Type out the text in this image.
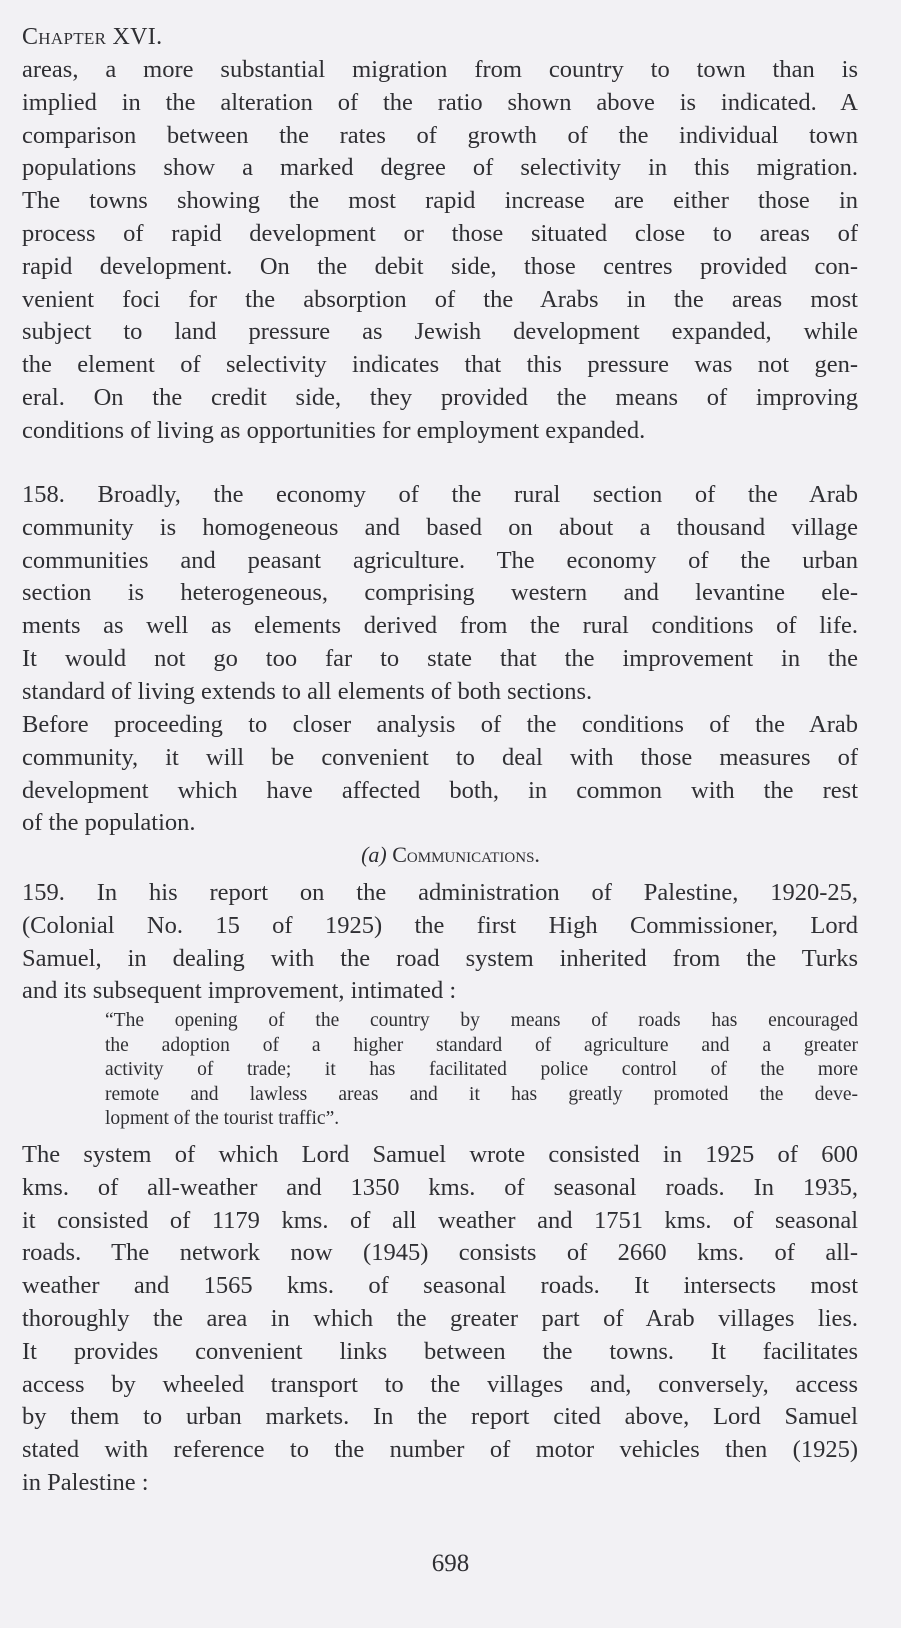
Chapter XVI.
areas, a more substantial migration from country to town than is
implied in the alteration of the ratio shown above is indicated. A
comparison between the rates of growth of the individual town
populations show a marked degree of selectivity in this migration.
The towns showing the most rapid increase are either those in
process of rapid development or those situated close to areas of
rapid development. On the debit side, those centres provided con-
venient foci for the absorption of the Arabs in the areas most
subject to land pressure as Jewish development expanded, while
the element of selectivity indicates that this pressure was not gen-
eral. On the credit side, they provided the means of improving
conditions of living as opportunities for employment expanded.
158. Broadly, the economy of the rural section of the Arab
community is homogeneous and based on about a thousand village
communities and peasant agriculture. The economy of the urban
section is heterogeneous, comprising western and levantine ele-
ments as well as elements derived from the rural conditions of life.
It would not go too far to state that the improvement in the
standard of living extends to all elements of both sections.
Before proceeding to closer analysis of the conditions of the Arab
community, it will be convenient to deal with those measures of
development which have affected both, in common with the rest
of the population.
(a) Communications.
159. In his report on the administration of Palestine, 1920-25,
(Colonial No. 15 of 1925) the first High Commissioner, Lord
Samuel, in dealing with the road system inherited from the Turks
and its subsequent improvement, intimated :
“The opening of the country by means of roads has encouraged
the adoption of a higher standard of agriculture and a greater
activity of trade; it has facilitated police control of the more
remote and lawless areas and it has greatly promoted the deve-
lopment of the tourist traffic”.
The system of which Lord Samuel wrote consisted in 1925 of 600
kms. of all-weather and 1350 kms. of seasonal roads. In 1935,
it consisted of 1179 kms. of all weather and 1751 kms. of seasonal
roads. The network now (1945) consists of 2660 kms. of all-
weather and 1565 kms. of seasonal roads. It intersects most
thoroughly the area in which the greater part of Arab villages lies.
It provides convenient links between the towns. It facilitates
access by wheeled transport to the villages and, conversely, access
by them to urban markets. In the report cited above, Lord Samuel
stated with reference to the number of motor vehicles then (1925)
in Palestine :
698
